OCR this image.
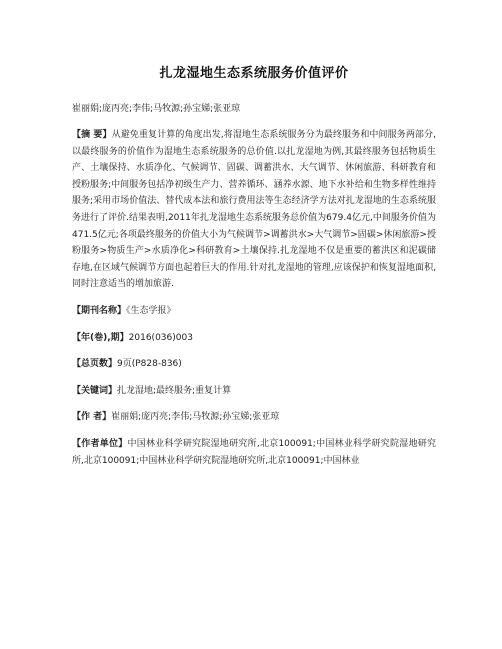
扎龙湿地生态系统服务价值评价
崔丽娟;庞丙亮;李伟;马牧源;孙宝娣;张亚琼
【摘 要】从避免重复计算的角度出发,将湿地生态系统服务分为最终服务和中间服务两部分,以最终服务的价值作为湿地生态系统服务的总价值.以扎龙湿地为例,其最终服务包括物质生产、土壤保持、水质净化、气候调节、固碳、调蓄洪水、大气调节、休闲旅游、科研教育和授粉服务;中间服务包括净初级生产力、营养循环、涵养水源、地下水补给和生物多样性维持服务;采用市场价值法、替代成本法和旅行费用法等生态经济学方法对扎龙湿地的生态系统服务进行了评价.结果表明,2011年扎龙湿地生态系统服务总价值为679.4亿元,中间服务价值为471.5亿元;各项最终服务的价值大小为气候调节>调蓄洪水>大气调节>固碳>休闲旅游>授粉服务>物质生产>水质净化>科研教育>土壤保持.扎龙湿地不仅是重要的蓄洪区和泥碳储存地,在区域气候调节方面也起着巨大的作用.针对扎龙湿地的管理,应该保护和恢复湿地面积,同时注意适当的增加旅游.
【期刊名称】《生态学报》
【年(卷),期】2016(036)003
【总页数】9页(P828-836)
【关键词】扎龙湿地;最终服务;重复计算
【作 者】崔丽娟;庞丙亮;李伟;马牧源;孙宝娣;张亚琼
【作者单位】中国林业科学研究院湿地研究所,北京100091;中国林业科学研究院湿地研究所,北京100091;中国林业科学研究院湿地研究所,北京100091;中国林业
